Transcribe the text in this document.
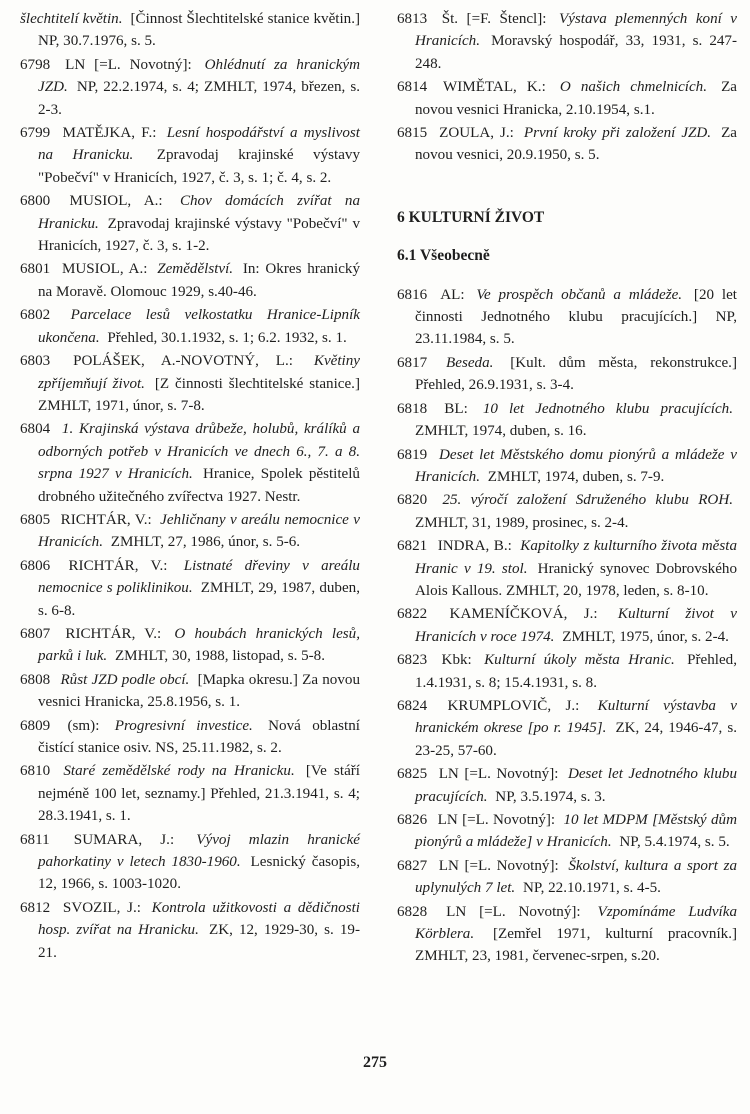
šlechtitelí květin. [Činnost Šlechtitelské stanice květin.] NP, 30.7.1976, s. 5.

6798 LN [=L. Novotný]: Ohlédnutí za hranickým JZD. NP, 22.2.1974, s. 4; ZMHLT, 1974, březen, s. 2-3.

6799 MATĚJKA, F.: Lesní hospodářství a myslivost na Hranicku. Zpravodaj krajinské výstavy "Pobečví" v Hranicích, 1927, č. 3, s. 1; č. 4, s. 2.

6800 MUSIOL, A.: Chov domácích zvířat na Hranicku. Zpravodaj krajinské výstavy "Pobečví" v Hranicích, 1927, č. 3, s. 1-2.

6801 MUSIOL, A.: Zemědělství. In: Okres hranický na Moravě. Olomouc 1929, s.40-46.

6802 Parcelace lesů velkostatku Hranice-Lipník ukončena. Přehled, 30.1.1932, s. 1; 6.2. 1932, s. 1.

6803 POLÁŠEK, A.-NOVOTNÝ, L.: Květiny zpříjemňují život. [Z činnosti šlechtitelské stanice.] ZMHLT, 1971, únor, s. 7-8.

6804 1. Krajinská výstava drůbeže, holubů, králíků a odborných potřeb v Hranicích ve dnech 6., 7. a 8. srpna 1927 v Hranicích. Hranice, Spolek pěstitelů drobného užitečného zvířectva 1927. Nestr.

6805 RICHTÁR, V.: Jehličnany v areálu nemocnice v Hranicích. ZMHLT, 27, 1986, únor, s. 5-6.

6806 RICHTÁR, V.: Listnaté dřeviny v areálu nemocnice s poliklinikou. ZMHLT, 29, 1987, duben, s. 6-8.

6807 RICHTÁR, V.: O houbách hranických lesů, parků i luk. ZMHLT, 30, 1988, listopad, s. 5-8.

6808 Růst JZD podle obcí. [Mapka okresu.] Za novou vesnici Hranicka, 25.8.1956, s. 1.

6809 (sm): Progresivní investice. Nová oblastní čistící stanice osiv. NS, 25.11.1982, s. 2.

6810 Staré zemědělské rody na Hranicku. [Ve stáří nejméně 100 let, seznamy.] Přehled, 21.3.1941, s. 4; 28.3.1941, s. 1.

6811 SUMARA, J.: Vývoj mlazin hranické pahorkatiny v letech 1830-1960. Lesnický časopis, 12, 1966, s. 1003-1020.

6812 SVOZIL, J.: Kontrola užitkovosti a dědičnosti hosp. zvířat na Hranicku. ZK, 12, 1929-30, s. 19-21.

6813 Št. [=F. Štencl]: Výstava plemenných koní v Hranicích. Moravský hospodář, 33, 1931, s. 247-248.

6814 WIMĚTAL, K.: O našich chmelnicích. Za novou vesnici Hranicka, 2.10.1954, s.1.

6815 ZOULA, J.: První kroky při založení JZD. Za novou vesnici, 20.9.1950, s. 5.

6 KULTURNÍ ŽIVOT

6.1 Všeobecně

6816 AL: Ve prospěch občanů a mládeže. [20 let činnosti Jednotného klubu pracujících.] NP, 23.11.1984, s. 5.

6817 Beseda. [Kult. dům města, rekonstrukce.] Přehled, 26.9.1931, s. 3-4.

6818 BL: 10 let Jednotného klubu pracujících. ZMHLT, 1974, duben, s. 16.

6819 Deset let Městského domu pionýrů a mládeže v Hranicích. ZMHLT, 1974, duben, s. 7-9.

6820 25. výročí založení Sdruženého klubu ROH. ZMHLT, 31, 1989, prosinec, s. 2-4.

6821 INDRA, B.: Kapitolky z kulturního života města Hranic v 19. stol. Hranický synovec Dobrovského Alois Kallous. ZMHLT, 20, 1978, leden, s. 8-10.

6822 KAMENÍČKOVÁ, J.: Kulturní život v Hranicích v roce 1974. ZMHLT, 1975, únor, s. 2-4.

6823 Kbk: Kulturní úkoly města Hranic. Přehled, 1.4.1931, s. 8; 15.4.1931, s. 8.

6824 KRUMPLOVIČ, J.: Kulturní výstavba v hranickém okrese [po r. 1945]. ZK, 24, 1946-47, s. 23-25, 57-60.

6825 LN [=L. Novotný]: Deset let Jednotného klubu pracujících. NP, 3.5.1974, s. 3.

6826 LN [=L. Novotný]: 10 let MDPM [Městský dům pionýrů a mládeže] v Hranicích. NP, 5.4.1974, s. 5.

6827 LN [=L. Novotný]: Školství, kultura a sport za uplynulých 7 let. NP, 22.10.1971, s. 4-5.

6828 LN [=L. Novotný]: Vzpomínáme Ludvíka Körblera. [Zemřel 1971, kulturní pracovník.] ZMHLT, 23, 1981, červenec-srpen, s.20.

275
